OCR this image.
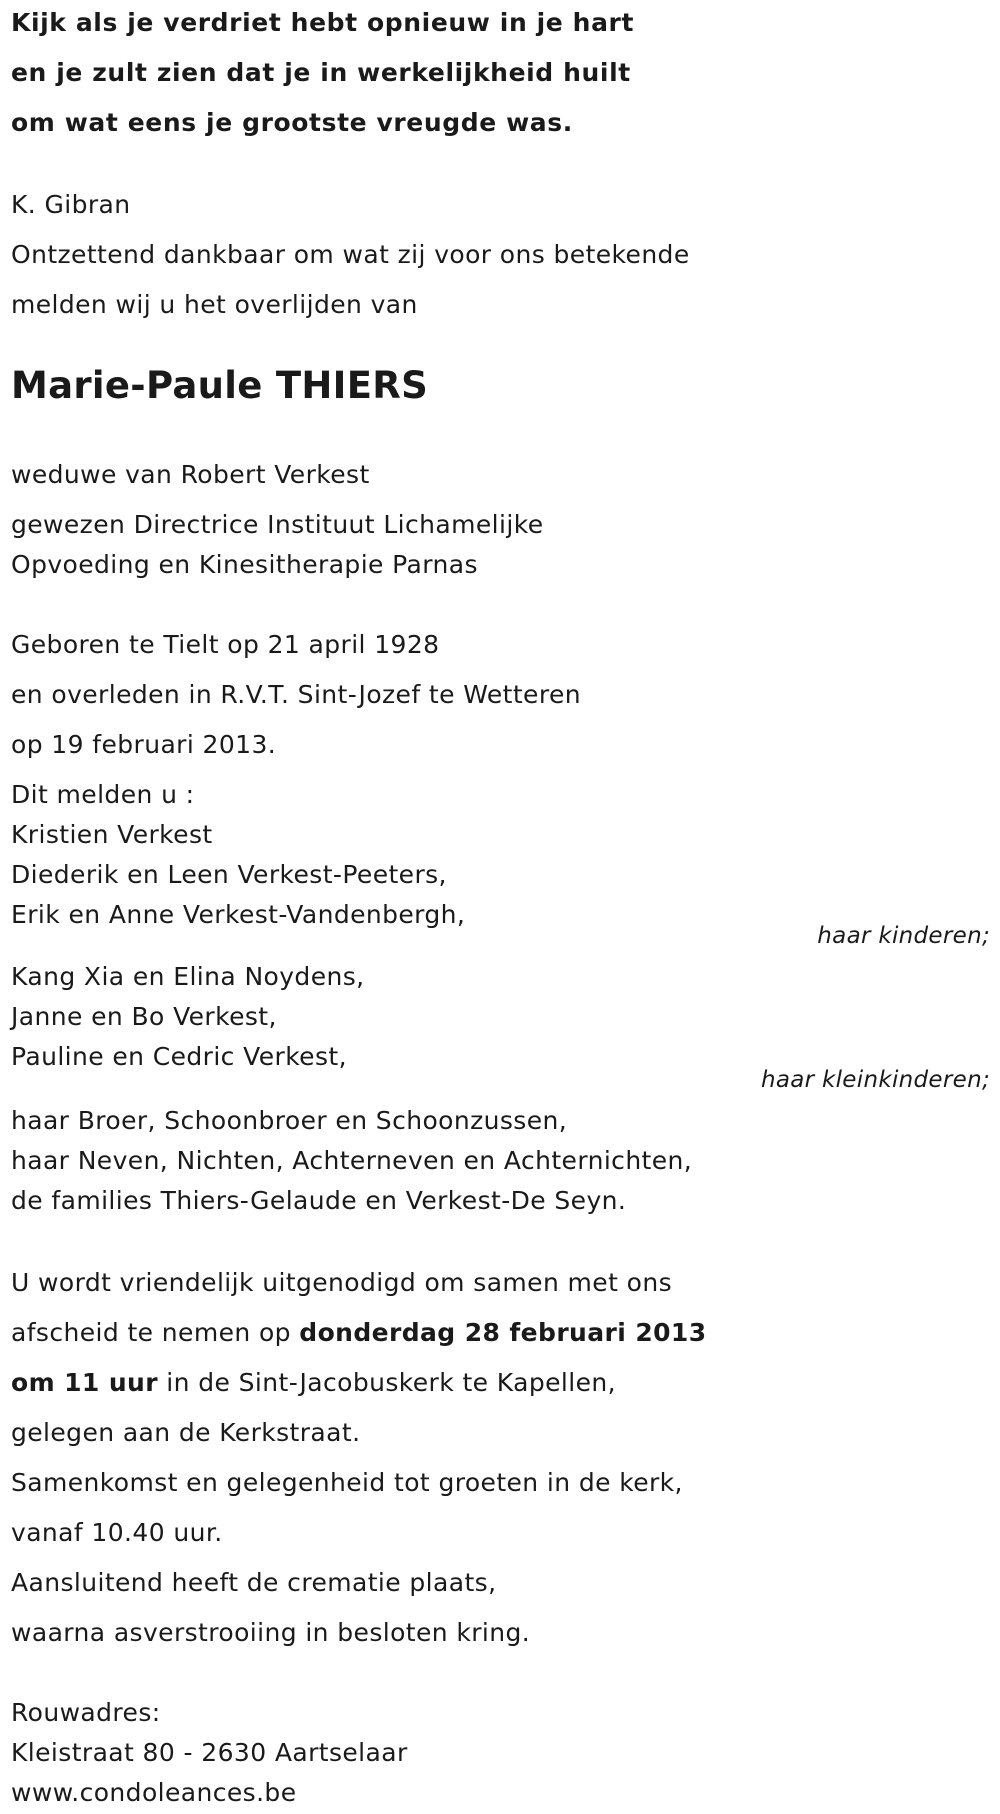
Kijk als je verdriet hebt opnieuw in je hart
en je zult zien dat je in werkelijkheid huilt
om wat eens je grootste vreugde was.
K. Gibran
Ontzettend dankbaar om wat zij voor ons betekende
melden wij u het overlijden van
Marie-Paule THIERS
weduwe van Robert Verkest
gewezen Directrice Instituut Lichamelijke
Opvoeding en Kinesitherapie Parnas
Geboren te Tielt op 21 april 1928
en overleden in R.V.T. Sint-Jozef te Wetteren
op 19 februari 2013.
Dit melden u :
Kristien Verkest
Diederik en Leen Verkest-Peeters,
Erik en Anne Verkest-Vandenbergh,
haar kinderen;
Kang Xia en Elina Noydens,
Janne en Bo Verkest,
Pauline en Cedric Verkest,
haar kleinkinderen;
haar Broer, Schoonbroer en Schoonzussen,
haar Neven, Nichten, Achterneven en Achternichten,
de families Thiers-Gelaude en Verkest-De Seyn.
U wordt vriendelijk uitgenodigd om samen met ons
afscheid te nemen op donderdag 28 februari 2013
om 11 uur in de Sint-Jacobuskerk te Kapellen,
gelegen aan de Kerkstraat.
Samenkomst en gelegenheid tot groeten in de kerk,
vanaf 10.40 uur.
Aansluitend heeft de crematie plaats,
waarna asverstrooiing in besloten kring.
Rouwadres:
Kleistraat 80 - 2630 Aartselaar
www.condoleances.be
